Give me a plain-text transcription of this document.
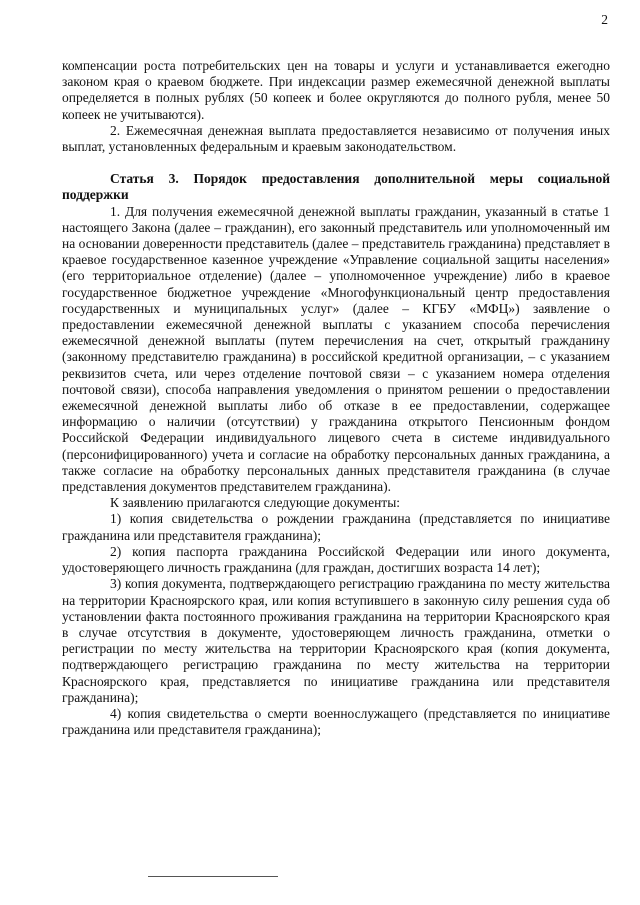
2

компенсации роста потребительских цен на товары и услуги и устанавливается ежегодно законом края о краевом бюджете. При индексации размер ежемесячной денежной выплаты определяется в полных рублях (50 копеек и более округляются до полного рубля, менее 50 копеек не учитываются).

2. Ежемесячная денежная выплата предоставляется независимо от получения иных выплат, установленных федеральным и краевым законодательством.

Статья 3. Порядок предоставления дополнительной меры социальной поддержки

1. Для получения ежемесячной денежной выплаты гражданин, указанный в статье 1 настоящего Закона (далее – гражданин), его законный представитель или уполномоченный им на основании доверенности представитель (далее – представитель гражданина) представляет в краевое государственное казенное учреждение «Управление социальной защиты населения» (его территориальное отделение) (далее – уполномоченное учреждение) либо в краевое государственное бюджетное учреждение «Многофункциональный центр предоставления государственных и муниципальных услуг» (далее – КГБУ «МФЦ») заявление о предоставлении ежемесячной денежной выплаты с указанием способа перечисления ежемесячной денежной выплаты (путем перечисления на счет, открытый гражданину (законному представителю гражданина) в российской кредитной организации, – с указанием реквизитов счета, или через отделение почтовой связи – с указанием номера отделения почтовой связи), способа направления уведомления о принятом решении о предоставлении ежемесячной денежной выплаты либо об отказе в ее предоставлении, содержащее информацию о наличии (отсутствии) у гражданина открытого Пенсионным фондом Российской Федерации индивидуального лицевого счета в системе индивидуального (персонифицированного) учета и согласие на обработку персональных данных гражданина, а также согласие на обработку персональных данных представителя гражданина (в случае представления документов представителем гражданина).

К заявлению прилагаются следующие документы:

1) копия свидетельства о рождении гражданина (представляется по инициативе гражданина или представителя гражданина);

2) копия паспорта гражданина Российской Федерации или иного документа, удостоверяющего личность гражданина (для граждан, достигших возраста 14 лет);

3) копия документа, подтверждающего регистрацию гражданина по месту жительства на территории Красноярского края, или копия вступившего в законную силу решения суда об установлении факта постоянного проживания гражданина на территории Красноярского края в случае отсутствия в документе, удостоверяющем личность гражданина, отметки о регистрации по месту жительства на территории Красноярского края (копия документа, подтверждающего регистрацию гражданина по месту жительства на территории Красноярского края, представляется по инициативе гражданина или представителя гражданина);

4) копия свидетельства о смерти военнослужащего (представляется по инициативе гражданина или представителя гражданина);
